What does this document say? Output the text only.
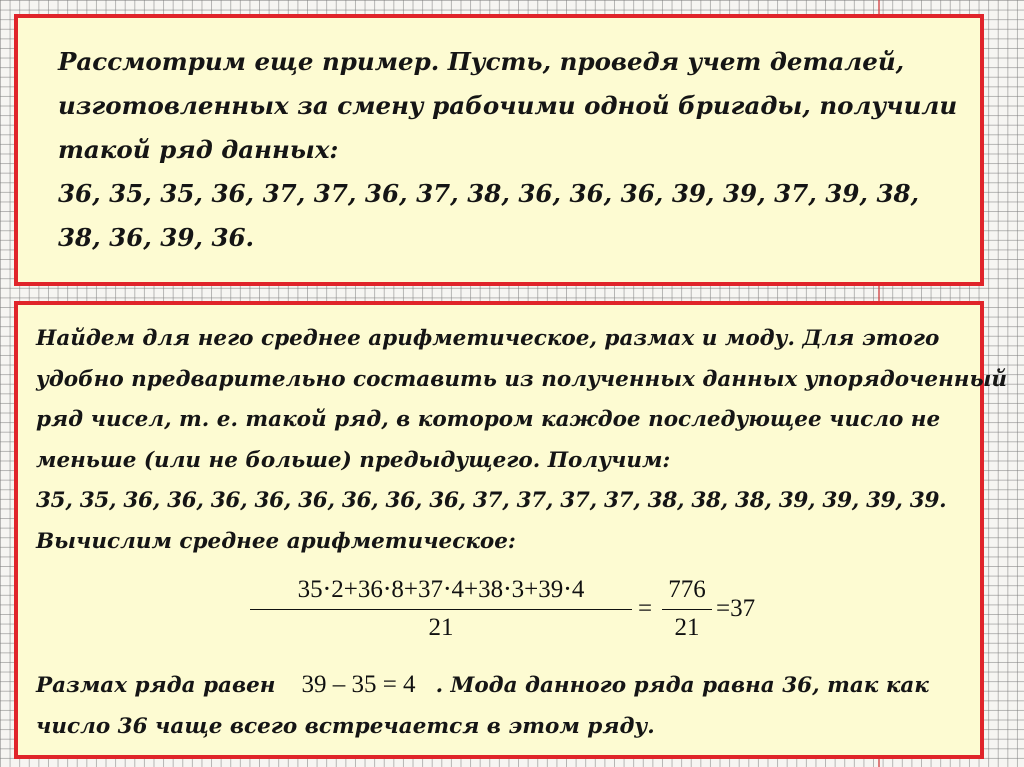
Рассмотрим еще пример. Пусть, проведя учет деталей,
изготовленных за смену рабочими одной бригады, получили
такой ряд данных:
36, 35, 35, 36, 37, 37, 36, 37, 38, 36, 36, 36, 39, 39, 37, 39, 38,
38, 36, 39, 36.
Найдем для него среднее арифметическое, размах и моду. Для этого
удобно предварительно составить из полученных данных упорядоченный
ряд чисел, т. е. такой ряд, в котором каждое последующее число не
меньше (или не больше) предыдущего. Получим:
35, 35, 36, 36, 36, 36, 36, 36, 36, 36, 37, 37, 37, 37, 38, 38, 38, 39, 39, 39, 39.
Вычислим среднее арифметическое:
35⋅2+36⋅8+37⋅4+38⋅3+39⋅4
21
=
776
21
=37
Размах ряда равен 39 – 35 = 4 . Мода данного ряда равна 36, так как
число 36 чаще всего встречается в этом ряду.
